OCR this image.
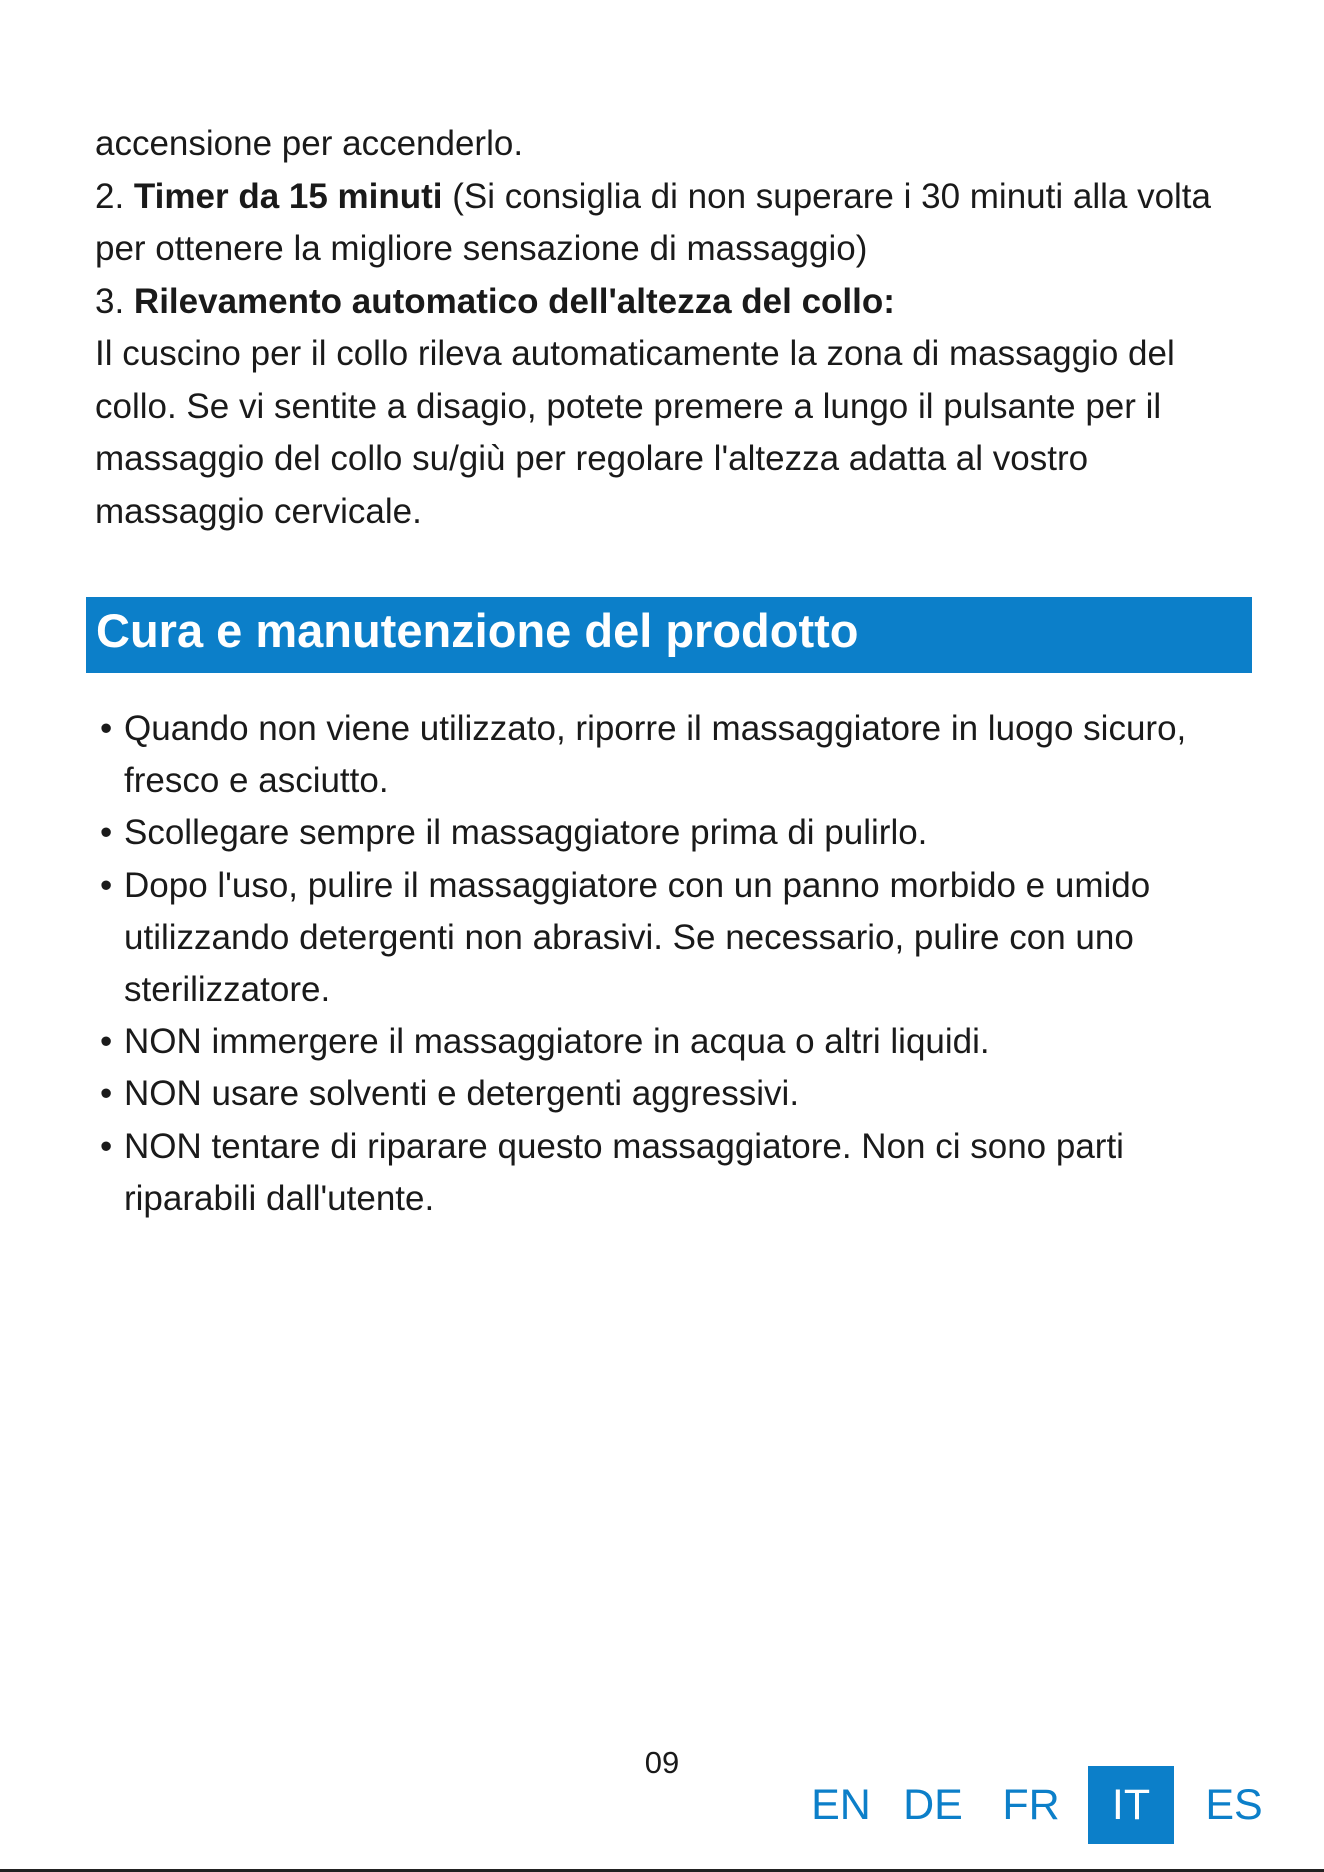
accensione per accenderlo.

2. Timer da 15 minuti (Si consiglia di non superare i 30 minuti alla volta per ottenere la migliore sensazione di massaggio)

3. Rilevamento automatico dell'altezza del collo:

Il cuscino per il collo rileva automaticamente la zona di massaggio del collo. Se vi sentite a disagio, potete premere a lungo il pulsante per il massaggio del collo su/giù per regolare l'altezza adatta al vostro massaggio cervicale.

Cura e manutenzione del prodotto
• Quando non viene utilizzato, riporre il massaggiatore in luogo sicuro, fresco e asciutto.
• Scollegare sempre il massaggiatore prima di pulirlo.
• Dopo l'uso, pulire il massaggiatore con un panno morbido e umido utilizzando detergenti non abrasivi. Se necessario, pulire con uno sterilizzatore.
• NON immergere il massaggiatore in acqua o altri liquidi.
• NON usare solventi e detergenti aggressivi.
• NON tentare di riparare questo massaggiatore. Non ci sono parti riparabili dall'utente.
09
EN DE FR	IT	ES
